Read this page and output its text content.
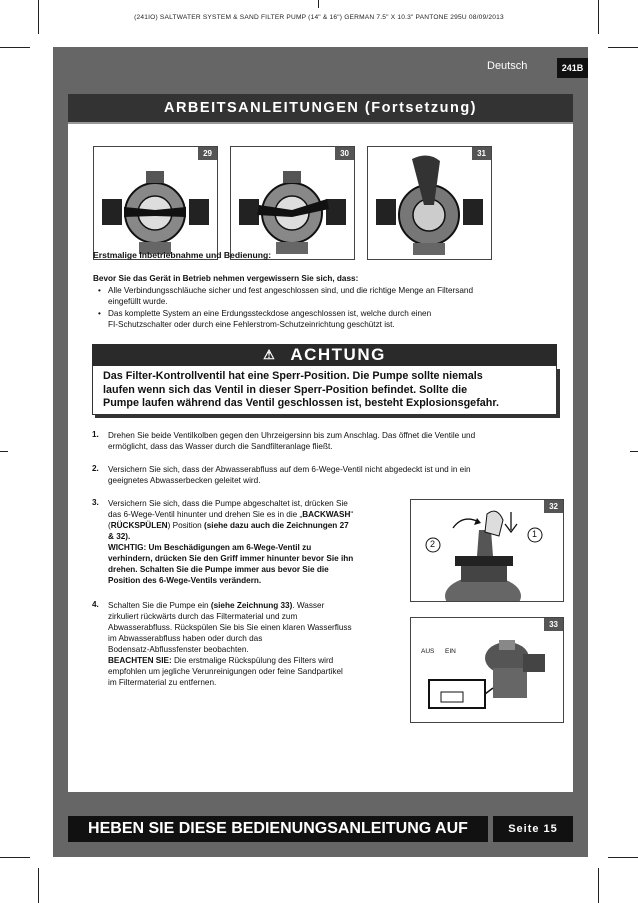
(241IO) SALTWATER SYSTEM & SAND FILTER PUMP (14" & 16") GERMAN 7.5" X 10.3" PANTONE 295U 08/09/2013
Deutsch	241B
ARBEITSANLEITUNGEN (Fortsetzung)
29	30	31
Erstmalige Inbetriebnahme und Bedienung:
Bevor Sie das Gerät in Betrieb nehmen vergewissern Sie sich, dass:
• Alle Verbindungsschläuche sicher und fest angeschlossen sind, und die richtige Menge an Filtersand
eingefüllt wurde.
• Das komplette System an eine Erdungssteckdose angeschlossen ist, welche durch einen
FI-Schutzschalter oder durch eine Fehlerstrom-Schutzeinrichtung geschützt ist.
⚠ ACHTUNG
Das Filter-Kontrollventil hat eine Sperr-Position. Die Pumpe sollte niemals
laufen wenn sich das Ventil in dieser Sperr-Position befindet. Sollte die
Pumpe laufen während das Ventil geschlossen ist, besteht Explosionsgefahr.
1. Drehen Sie beide Ventilkolben gegen den Uhrzeigersinn bis zum Anschlag. Das öffnet die Ventile und
ermöglicht, dass das Wasser durch die Sandfilteranlage fließt.
2. Versichern Sie sich, dass der Abwasserabfluss auf dem 6-Wege-Ventil nicht abgedeckt ist und in ein
geeignetes Abwasserbecken geleitet wird.
3. Versichern Sie sich, dass die Pumpe abgeschaltet ist, drücken Sie
das 6-Wege-Ventil hinunter und drehen Sie es in die „BACKWASH“
(RÜCKSPÜLEN) Position (siehe dazu auch die Zeichnungen 27
& 32).
WICHTIG: Um Beschädigungen am 6-Wege-Ventil zu
verhindern, drücken Sie den Griff immer hinunter bevor Sie ihn
drehen. Schalten Sie die Pumpe immer aus bevor Sie die
Position des 6-Wege-Ventils verändern.
4. Schalten Sie die Pumpe ein (siehe Zeichnung 33). Wasser
zirkuliert rückwärts durch das Filtermaterial und zum
Abwasserabfluss. Rückspülen Sie bis Sie einen klaren Wasserfluss
im Abwasserabfluss haben oder durch das
Bodensatz-Abflussfenster beobachten.
BEACHTEN SIE: Die erstmalige Rückspülung des Filters wird
empfohlen um jegliche Verunreinigungen oder feine Sandpartikel
im Filtermaterial zu entfernen.
32
1
2
33
AUS EIN
HEBEN SIE DIESE BEDIENUNGSANLEITUNG AUF	Seite 15
